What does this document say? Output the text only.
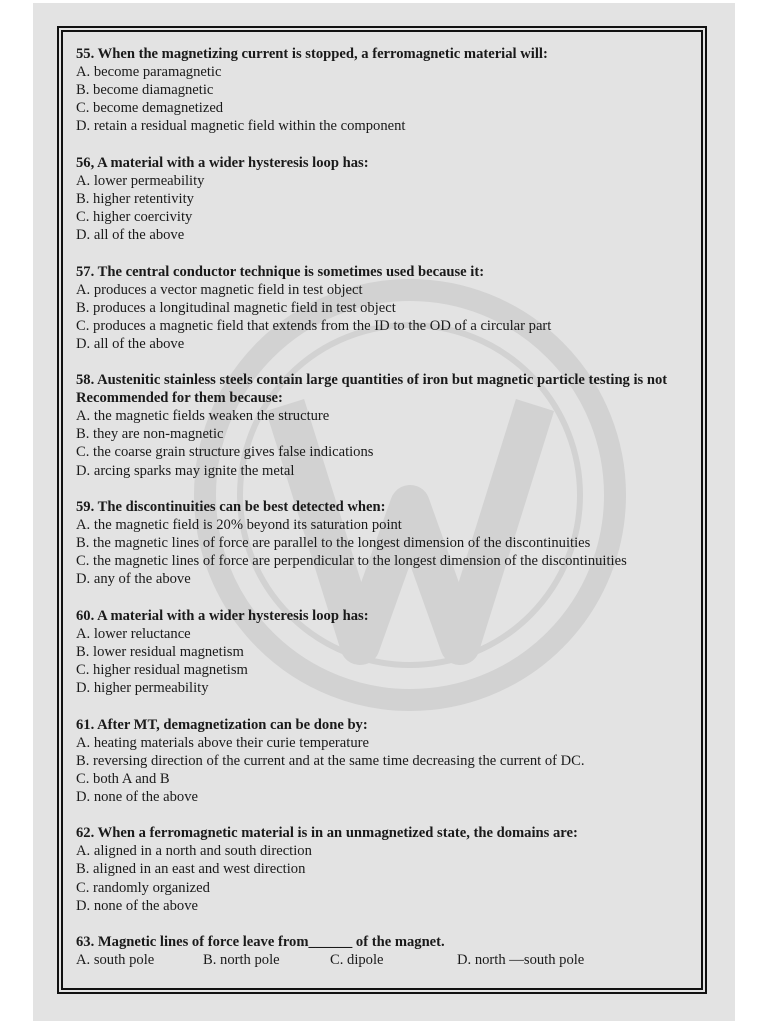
55. When the magnetizing current is stopped, a ferromagnetic material will:

A. become paramagnetic

B. become diamagnetic

C. become demagnetized

D. retain a residual magnetic field within the component

56, A material with a wider hysteresis loop has:

A. lower permeability

B. higher retentivity

C. higher coercivity

D. all of the above

57. The central conductor technique is sometimes used because it:

A. produces a vector magnetic field in test object

B. produces a longitudinal magnetic field in test object

C. produces a magnetic field that extends from the ID to the OD of a circular part

D. all of the above

58. Austenitic stainless steels contain large quantities of iron but magnetic particle testing is not Recommended for them because:

A. the magnetic fields weaken the structure

B. they are non-magnetic

C. the coarse grain structure gives false indications

D. arcing sparks may ignite the metal

59. The discontinuities can be best detected when:

A. the magnetic field is 20% beyond its saturation point

B. the magnetic lines of force are parallel to the longest dimension of the discontinuities

C. the magnetic lines of force are perpendicular to the longest dimension of the discontinuities

D. any of the above

60. A material with a wider hysteresis loop has:

A. lower reluctance

B. lower residual magnetism

C. higher residual magnetism

D. higher permeability

61. After MT, demagnetization can be done by:

A. heating materials above their curie temperature

B. reversing direction of the current and at the same time decreasing the current of DC.

C. both A and B

D. none of the above

62. When a ferromagnetic material is in an unmagnetized state, the domains are:

A. aligned in a north and south direction

B. aligned in an east and west direction

C. randomly organized

D. none of the above

63. Magnetic lines of force leave from______ of the magnet.

A. south pole	B. north pole	C. dipole	D. north —south pole
